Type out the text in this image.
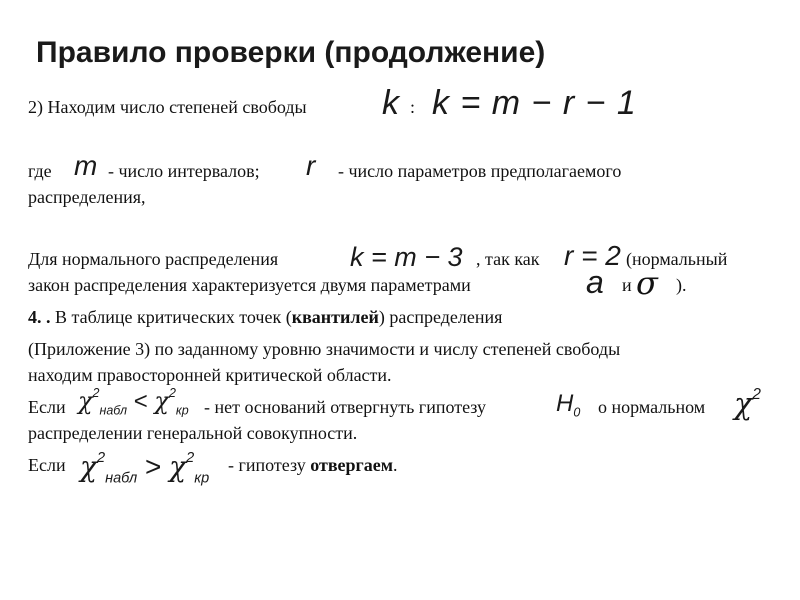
Правило проверки (продолжение)
2) Находим число степеней свободы k : k = m − r − 1
где m - число интервалов; r - число параметров предполагаемого
распределения,
Для нормального распределения	k = m − 3 , так как r = 2 (нормальный
закон распределения характеризуется двумя параметрами	a и σ ).
4. . В таблице критических точек (квантилей) распределения
(Приложение 3) по заданному уровню значимости и числу степеней свободы
находим правосторонней критической области.
Если $\chi^2_{набл} < \chi^2_{кр}$ - нет оснований отвергнуть гипотезу	$H_0$ о нормальном $\chi^2$
распределении генеральной совокупности.
Если $\chi^2_{набл} > \chi^2_{кр}$
- гипотезу отвергаем.
